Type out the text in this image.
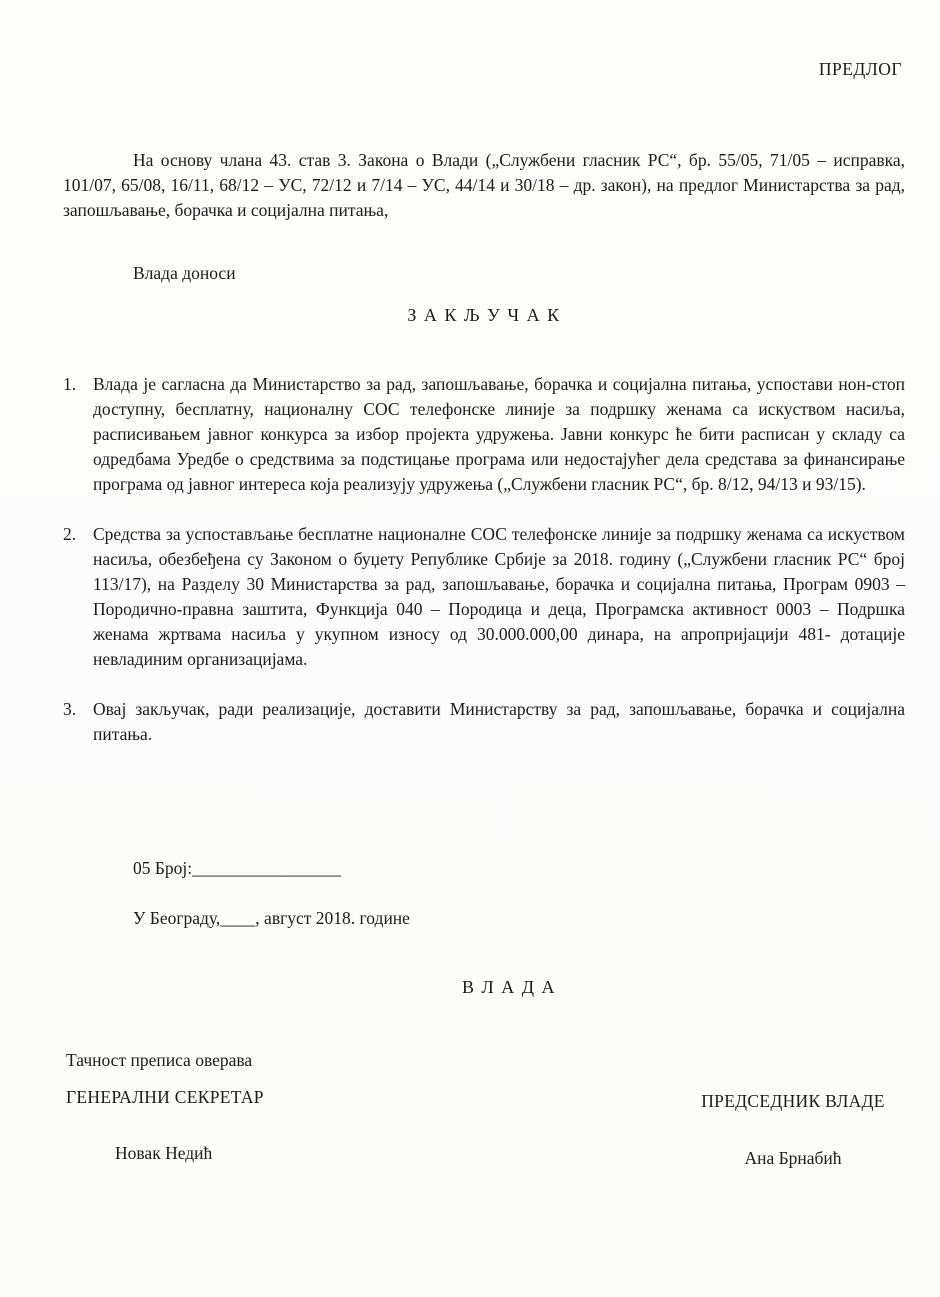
ПРЕДЛОГ

На основу члана 43. став 3. Закона о Влади („Службени гласник РС“, бр. 55/05, 71/05 – исправка, 101/07, 65/08, 16/11, 68/12 – УС, 72/12 и 7/14 – УС, 44/14 и 30/18 – др. закон), на предлог Министарства за рад, запошљавање, борачка и социјална питања,

Влада доноси
З А К Љ У Ч А К
1. Влада је сагласна да Министарство за рад, запошљавање, борачка и социјална питања, успостави нон-стоп доступну, бесплатну, националну СОС телефонске линије за подршку женама са искуством насиља, расписивањем јавног конкурса за избор пројекта удружења. Јавни конкурс ће бити расписан у складу са одредбама Уредбе о средствима за подстицање програма или недостајућег дела средстава за финансирање програма од јавног интереса која реализују удружења („Службени гласник РС“, бр. 8/12, 94/13 и 93/15).
2. Средства за успостављање бесплатне националне СОС телефонске линије за подршку женама са искуством насиља, обезбеђена су Законом о буџету Републике Србије за 2018. годину („Службени гласник РС“ број 113/17), на Разделу 30 Министарства за рад, запошљавање, борачка и социјална питања, Програм 0903 – Породично-правна заштита, Функција 040 – Породица и деца, Програмска активност 0003 – Подршка женама жртвама насиља у укупном износу од 30.000.000,00 динара, на апропријацији 481- дотације невладиним организацијама.
3. Овај закључак, ради реализације, доставити Министарству за рад, запошљавање, борачка и социјална питања.
05 Број:_________________
У Београду,____, август 2018. године
В Л А Д А
Тачност преписа оверава
ГЕНЕРАЛНИ СЕКРЕТАР	ПРЕДСЕДНИК ВЛАДЕ
Новак Недић	Ана Брнабић
